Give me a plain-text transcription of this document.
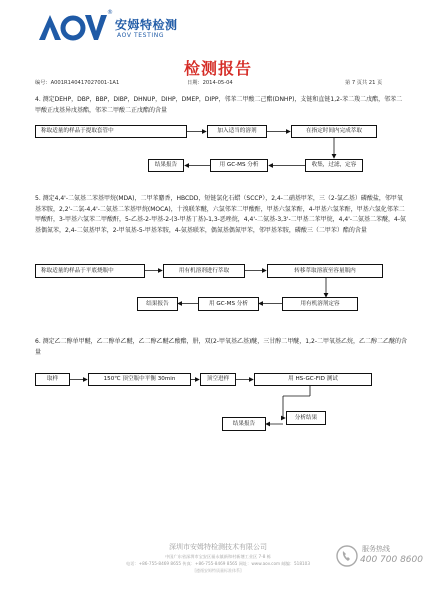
®
安姆特检测
AOV TESTING
检测报告
编号：A001R14041702700​1-1A1	日期：2014-05-04	第 7 页共 21 页
4. 测定DEHP，DBP，BBP，DIBP，DHNUP，DIHP，DMEP，DIPP，邻苯二甲酸二己酯(DNHP)，支链和直链1,2-苯二羧二戊酯，邻苯二甲酸正戊基异戊基酯，邻苯二甲酸二正戊酯的含量
称取适量的样品于提取套管中	加入适当的溶剂	在指定时间内完成萃取
收集，过滤，定容
用 GC-MS 分析
结果报告
5. 测定4,4'-二氨基二苯基甲烷(MDA)，二甲苯麝香，HBCDD，短链氯化石蜡（SCCP），2,4-二硝基甲苯，三（2-氯乙基）磷酸盐，邻甲氧基苯胺，2,2'-二氯-4,4'-二氨基二苯基甲烷(MOCA)，十溴联苯醚，六氯邻苯二甲酸酐，甲基六氢苯酐，4-甲基六氢苯酐，甲基六氢化邻苯二甲酸酐，3-甲基六氢苯二甲酸酐，5-乙基-2-甲基-2-(3-甲基丁基)-1,3-恶唑烷，4,4'-二氨基-3,3'-二甲基二苯甲烷，4,4'-二氨基二苯醚，4-氨基偶氮苯，2,4-二氨基甲苯，2-甲氧基-5-甲基苯胺，4-氨基联苯，偶氮基偶氮甲苯，邻甲基苯胺，磷酸三（二甲苯）酯的含量
称取适量的样品于平底烧瓶中	用有机溶剂进行萃取	转移萃取溶液至容量瓶内
用有机溶剂定容
用 GC-MS 分析
结果报告
6. 测定乙二醇单甲醚，乙二醇单乙醚，乙二醇乙醚乙酸酯，肼，双(2-甲氧基乙基)醚，三甘醇二甲醚，1,2-二甲氧基乙烷，乙二醇二乙醚的含量
取样	150℃ 顶空瓶中平衡 30min	顶空进样	用 HS-GC-FID 测试
分析结果
结果报告
深圳市安姆特检测技术有限公司
中国广东省深圳市宝安区福永镇新和村新塘工业区 7-8 栋
电话：+86-755-8469 8655 传真：+86-755-8469 8565 网址：www.aov.com 邮编：518103
[遵循安姆特质量标准体系]
服务热线
400 700 8600
